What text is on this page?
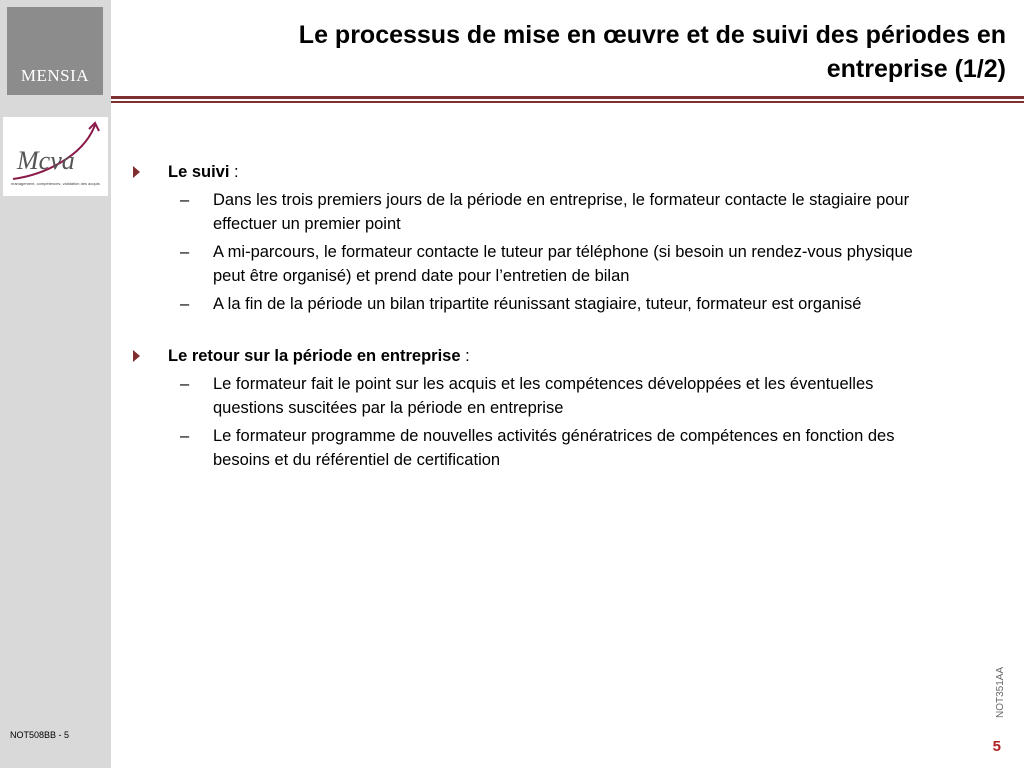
MENSIA
Mcva
management, compétences, validation des acquis
NOT508BB - 5
Le processus de mise en œuvre et de suivi des périodes en
entreprise (1/2)

Le suivi :

– Dans les trois premiers jours de la période en entreprise, le formateur contacte le stagiaire pour effectuer un premier point

– A mi-parcours, le formateur contacte le tuteur par téléphone (si besoin un rendez-vous physique peut être organisé) et prend date pour l’entretien de bilan

– A la fin de la période un bilan tripartite réunissant stagiaire, tuteur, formateur est organisé

Le retour sur la période en entreprise :

– Le formateur fait le point sur les acquis et les compétences développées et les éventuelles questions suscitées par la période en entreprise

– Le formateur programme de nouvelles activités génératrices de compétences en fonction des besoins et du référentiel de certification

NOT351AA
5
